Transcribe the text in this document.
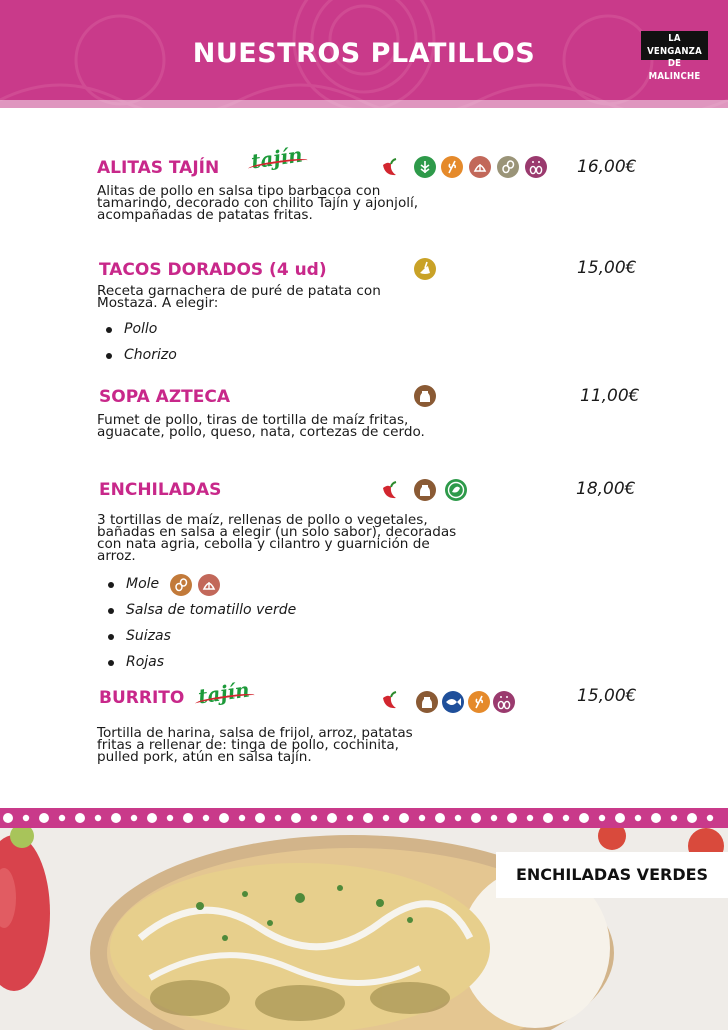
NUESTROS PLATILLOS	LA VENGANZA
DE MALINCHE
ALITAS TAJÍN tajín	16,00€
Alitas de pollo en salsa tipo barbacoa con
tamarindo, decorado con chilito Tajín y ajonjolí,
acompañadas de patatas fritas.
TACOS DORADOS (4 ud)	15,00€
Receta garnachera de puré de patata con
Mostaza. A elegir:
Pollo
Chorizo
SOPA AZTECA	11,00€
Fumet de pollo, tiras de tortilla de maíz fritas,
aguacate, pollo, queso, nata, cortezas de cerdo.
ENCHILADAS	18,00€
3 tortillas de maíz, rellenas de pollo o vegetales,
bañadas en salsa a elegir (un solo sabor), decoradas
con nata agria, cebolla y cilantro y guarnición de
arroz.
Mole
Salsa de tomatillo verde
Suizas
Rojas
BURRITO tajín	15,00€
Tortilla de harina, salsa de frijol, arroz, patatas
fritas a rellenar de: tinga de pollo, cochinita,
pulled pork, atún en salsa tajín.
ENCHILADAS VERDES
